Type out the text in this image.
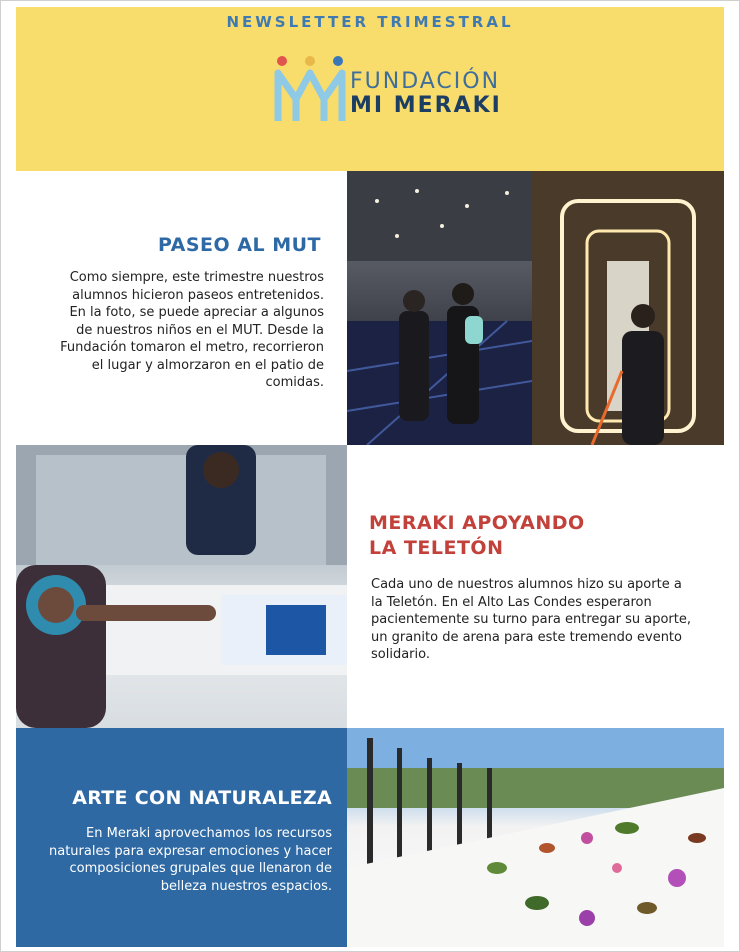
NEWSLETTER TRIMESTRAL
FUNDACIÓN
MI MERAKI
PASEO AL MUT
Como siempre, este trimestre nuestros alumnos hicieron paseos entretenidos. En la foto, se puede apreciar a algunos de nuestros niños en el MUT. Desde la Fundación tomaron el metro, recorrieron el lugar y almorzaron en el patio de comidas.
MERAKI APOYANDO
LA TELETÓN
Cada uno de nuestros alumnos hizo su aporte a la Teletón. En el Alto Las Condes esperaron pacientemente su turno para entregar su aporte, un granito de arena para este tremendo evento solidario.
ARTE CON NATURALEZA
En Meraki aprovechamos los recursos naturales para expresar emociones y hacer composiciones grupales que llenaron de belleza nuestros espacios.
